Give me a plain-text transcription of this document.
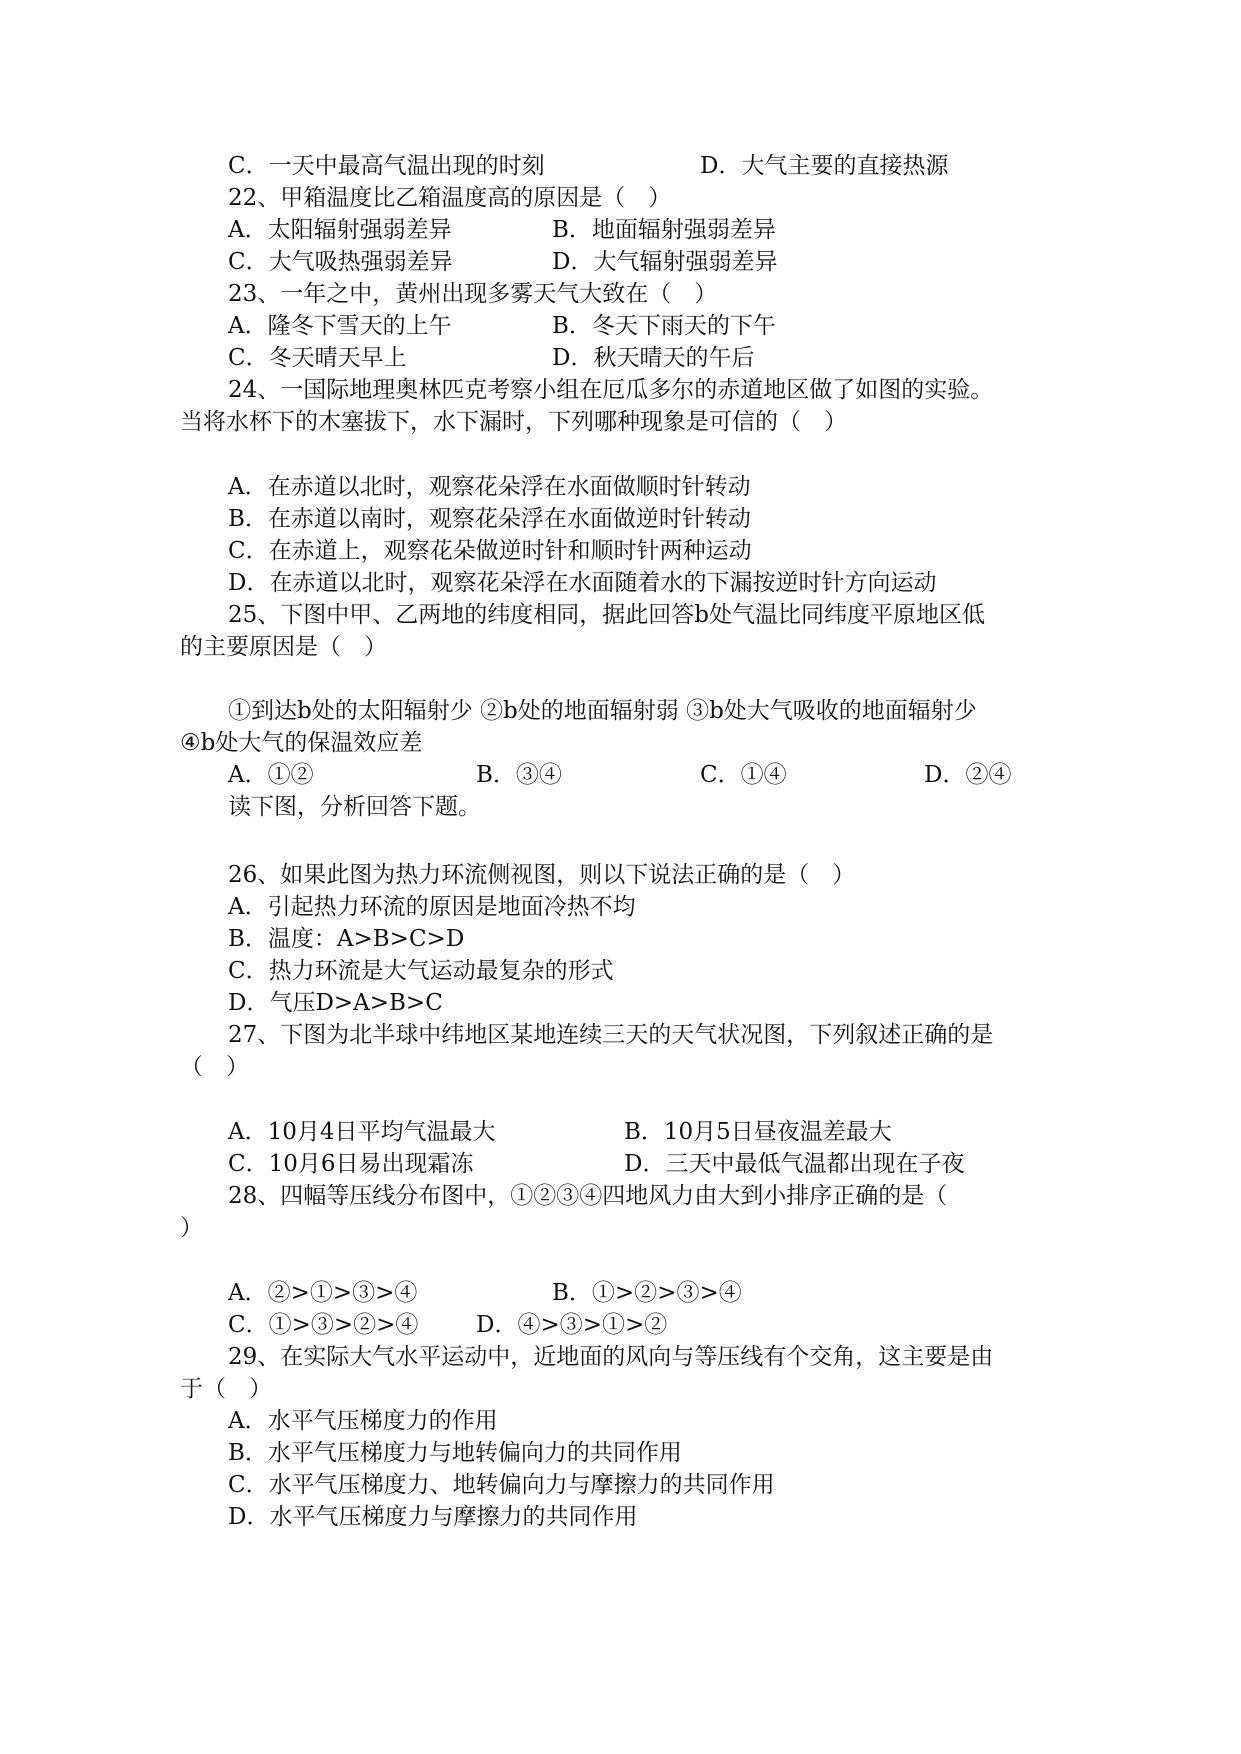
C．一天中最高气温出现的时刻	D．大气主要的直接热源
22、甲箱温度比乙箱温度高的原因是（　）
A．太阳辐射强弱差异	B．地面辐射强弱差异
C．大气吸热强弱差异	D．大气辐射强弱差异
23、一年之中，黄州出现多雾天气大致在（　）
A．隆冬下雪天的上午	B．冬天下雨天的下午
C．冬天晴天早上	D．秋天晴天的午后
24、一国际地理奥林匹克考察小组在厄瓜多尔的赤道地区做了如图的实验。
当将水杯下的木塞拔下，水下漏时，下列哪种现象是可信的（　）
A．在赤道以北时，观察花朵浮在水面做顺时针转动
B．在赤道以南时，观察花朵浮在水面做逆时针转动
C．在赤道上，观察花朵做逆时针和顺时针两种运动
D．在赤道以北时，观察花朵浮在水面随着水的下漏按逆时针方向运动
25、下图中甲、乙两地的纬度相同，据此回答b处气温比同纬度平原地区低
的主要原因是（　）
①到达b处的太阳辐射少 ②b处的地面辐射弱 ③b处大气吸收的地面辐射少
④b处大气的保温效应差
A．①②	B．③④	C．①④	D．②④
读下图，分析回答下题。
26、如果此图为热力环流侧视图，则以下说法正确的是（　）
A．引起热力环流的原因是地面冷热不均
B．温度：A>B>C>D
C．热力环流是大气运动最复杂的形式
D．气压D>A>B>C
27、下图为北半球中纬地区某地连续三天的天气状况图，下列叙述正确的是
（　）
A．10月4日平均气温最大	B．10月5日昼夜温差最大
C．10月6日易出现霜冻	D．三天中最低气温都出现在子夜
28、四幅等压线分布图中，①②③④四地风力由大到小排序正确的是（
）
A．②>①>③>④	B．①>②>③>④
C．①>③>②>④	D．④>③>①>②
29、在实际大气水平运动中，近地面的风向与等压线有个交角，这主要是由
于（　）
A．水平气压梯度力的作用
B．水平气压梯度力与地转偏向力的共同作用
C．水平气压梯度力、地转偏向力与摩擦力的共同作用
D．水平气压梯度力与摩擦力的共同作用
